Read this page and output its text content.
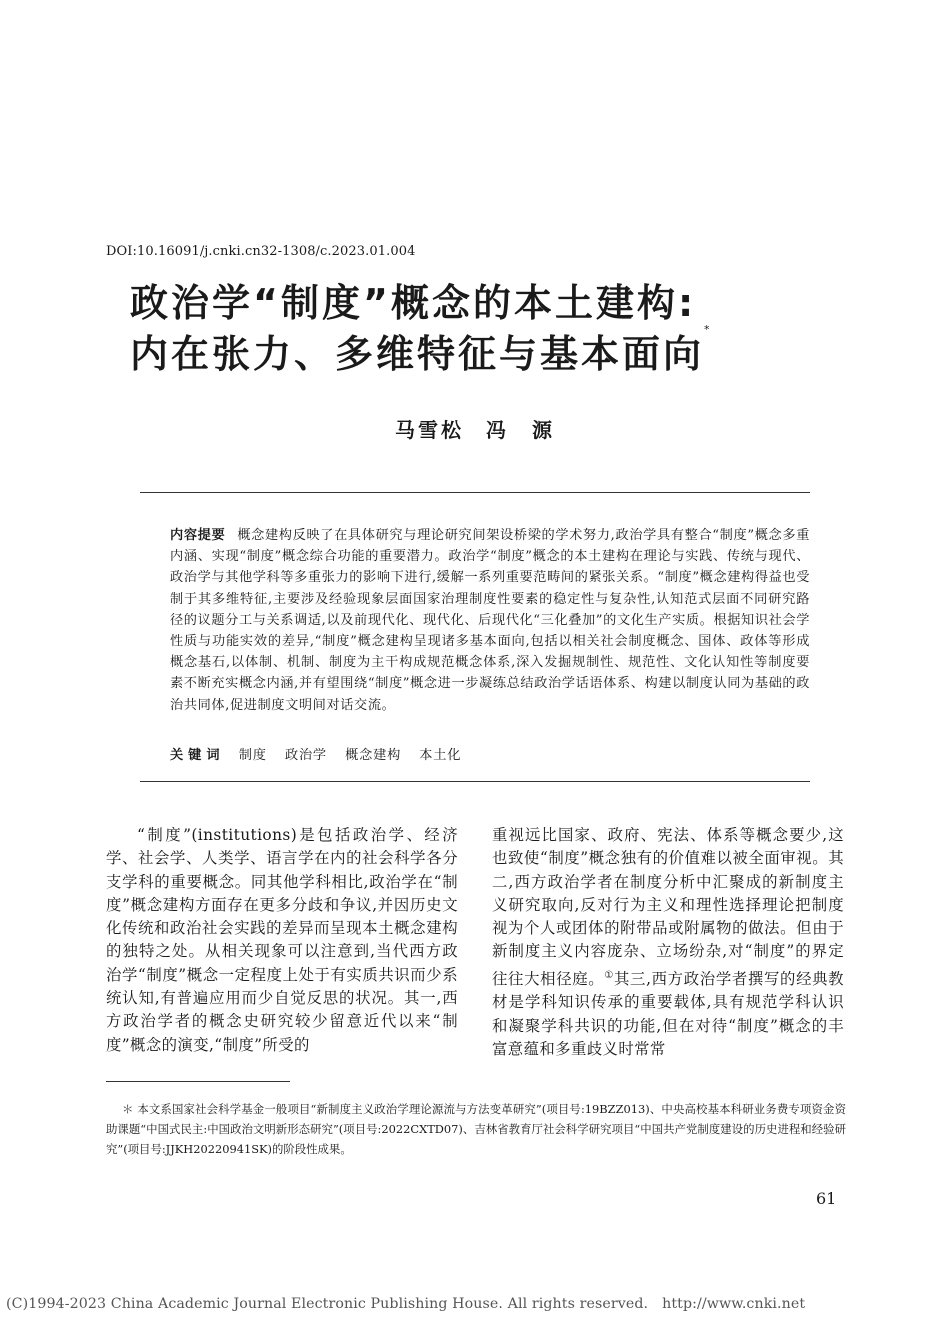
DOI:10.16091/j.cnki.cn32-1308/c.2023.01.004
政治学“制度”概念的本土建构:
内在张力、多维特征与基本面向*
马雪松 冯　源
内容提要 概念建构反映了在具体研究与理论研究间架设桥梁的学术努力,政治学具有整合“制度”概念多重内涵、实现“制度”概念综合功能的重要潜力。政治学“制度”概念的本土建构在理论与实践、传统与现代、政治学与其他学科等多重张力的影响下进行,缓解一系列重要范畴间的紧张关系。“制度”概念建构得益也受制于其多维特征,主要涉及经验现象层面国家治理制度性要素的稳定性与复杂性,认知范式层面不同研究路径的议题分工与关系调适,以及前现代化、现代化、后现代化“三化叠加”的文化生产实质。根据知识社会学性质与功能实效的差异,“制度”概念建构呈现诸多基本面向,包括以相关社会制度概念、国体、政体等形成概念基石,以体制、机制、制度为主干构成规范概念体系,深入发掘规制性、规范性、文化认知性等制度要素不断充实概念内涵,并有望围绕“制度”概念进一步凝练总结政治学话语体系、构建以制度认同为基础的政治共同体,促进制度文明间对话交流。
关键词 制度 政治学 概念建构 本土化
“制度”(institutions)是包括政治学、经济学、社会学、人类学、语言学在内的社会科学各分支学科的重要概念。同其他学科相比,政治学在“制度”概念建构方面存在更多分歧和争议,并因历史文化传统和政治社会实践的差异而呈现本土概念建构的独特之处。从相关现象可以注意到,当代西方政治学“制度”概念一定程度上处于有实质共识而少系统认知,有普遍应用而少自觉反思的状况。其一,西方政治学者的概念史研究较少留意近代以来“制度”概念的演变,“制度”所受的
重视远比国家、政府、宪法、体系等概念要少,这也致使“制度”概念独有的价值难以被全面审视。其二,西方政治学者在制度分析中汇聚成的新制度主义研究取向,反对行为主义和理性选择理论把制度视为个人或团体的附带品或附属物的做法。但由于新制度主义内容庞杂、立场纷杂,对“制度”的界定往往大相径庭。①其三,西方政治学者撰写的经典教材是学科知识传承的重要载体,具有规范学科认识和凝聚学科共识的功能,但在对待“制度”概念的丰富意蕴和多重歧义时常常
＊ 本文系国家社会科学基金一般项目“新制度主义政治学理论源流与方法变革研究”(项目号:19BZZ013)、中央高校基本科研业务费专项资金资助课题“中国式民主:中国政治文明新形态研究”(项目号:2022CXTD07)、吉林省教育厅社会科学研究项目“中国共产党制度建设的历史进程和经验研究”(项目号:JJKH20220941SK)的阶段性成果。
61
(C)1994-2023 China Academic Journal Electronic Publishing House. All rights reserved. http://www.cnki.net
